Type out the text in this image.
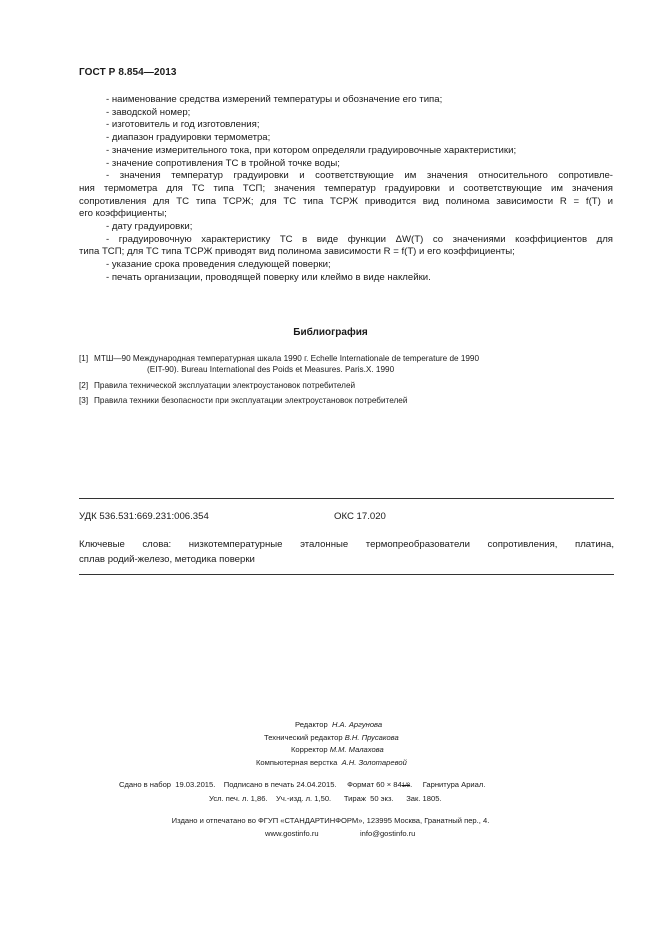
ГОСТ Р 8.854—2013
- наименование средства измерений температуры и обозначение его типа;
- заводской номер;
- изготовитель и год изготовления;
- диапазон градуировки термометра;
- значение измерительного тока, при котором определяли градуировочные характеристики;
- значение сопротивления ТС в тройной точке воды;
- значения температур градуировки и соответствующие им значения относительного сопротивле-
ния термометра для ТС типа ТСП; значения температур градуировки и соответствующие им значения
сопротивления для ТС типа ТСРЖ; для ТС типа ТСРЖ приводится вид полинома зависимости R = f(T) и
его коэффициенты;
- дату градуировки;
- градуировочную характеристику ТС в виде функции ΔW(T) со значениями коэффициентов для
типа ТСП; для ТС типа ТСРЖ приводят вид полинома зависимости R = f(T) и его коэффициенты;
- указание срока проведения следующей поверки;
- печать организации, проводящей поверку или клеймо в виде наклейки.
Библиография
[1] МТШ—90 Международная температурная шкала 1990 г. Echelle Internationale de temperature de 1990
(EIT-90). Bureau International des Poids et Measures. Paris.X. 1990
[2] Правила технической эксплуатации электроустановок потребителей
[3] Правила техники безопасности при эксплуатации электроустановок потребителей
УДК 536.531:669.231:006.354	ОКС 17.020
Ключевые слова: низкотемпературные эталонные термопреобразователи сопротивления, платина,
сплав родий-железо, методика поверки
Редактор Н.А. Аргунова
Технический редактор В.Н. Прусакова
Корректор М.М. Малахова
Компьютерная верстка А.Н. Золотаревой
Сдано в набор  19.03.2015.    Подписано в печать 24.04.2015.     Формат 60 × 841/8.     Гарнитура Ариал.
Усл. печ. л. 1,86.    Уч.-изд. л. 1,50.      Тираж  50 экз.      Зак. 1805.
Издано и отпечатано во ФГУП «СТАНДАРТИНФОРМ», 123995 Москва, Гранатный пер., 4.
www.gostinfo.ru	info@gostinfo.ru
